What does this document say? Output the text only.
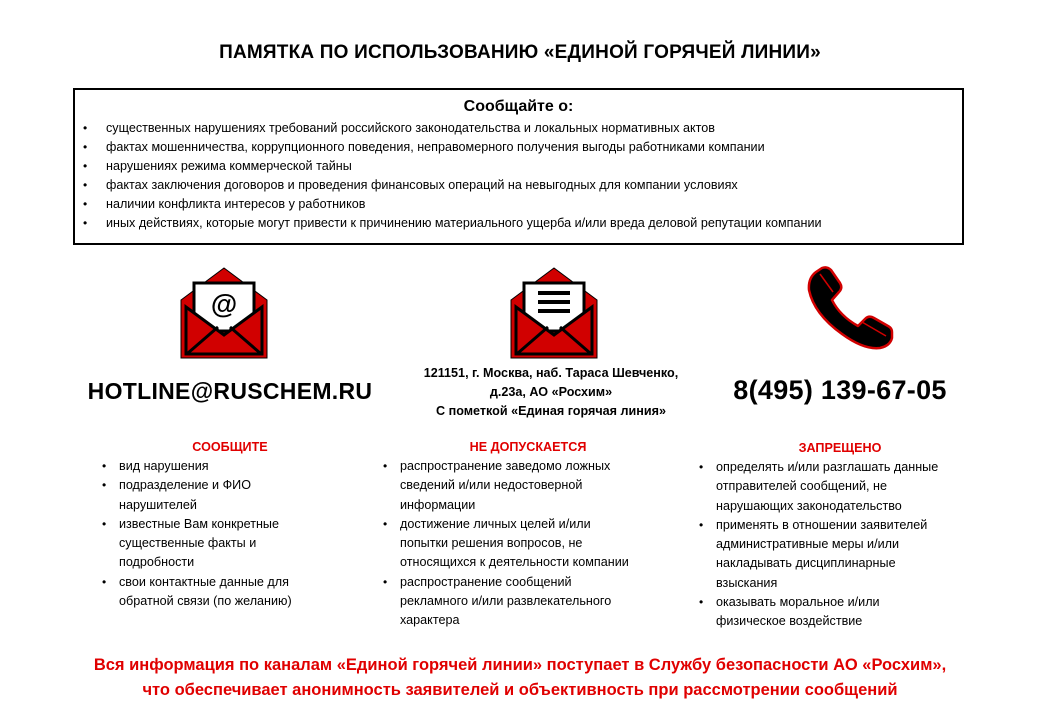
ПАМЯТКА ПО ИСПОЛЬЗОВАНИЮ «ЕДИНОЙ ГОРЯЧЕЙ ЛИНИИ»
Сообщайте о:
• существенных нарушениях требований российского законодательства и локальных нормативных актов
• фактах мошенничества, коррупционного поведения, неправомерного получения выгоды работниками компании
• нарушениях режима коммерческой тайны
• фактах заключения договоров и проведения финансовых операций на невыгодных для компании условиях
• наличии конфликта интересов у работников
• иных действиях, которые могут привести к причинению материального ущерба и/или вреда деловой репутации компании
@
HOTLINE@RUSCHEM.RU
121151, г. Москва, наб. Тараса Шевченко,
д.23а, АО «Росхим»
С пометкой «Единая горячая линия»
8(495) 139-67-05
СООБЩИТЕ
• вид нарушения
• подразделение и ФИО
нарушителей
• известные Вам конкретные
существенные факты и
подробности
• свои контактные данные для
обратной связи (по желанию)
НЕ ДОПУСКАЕТСЯ
• распространение заведомо ложных
сведений и/или недостоверной
информации
• достижение личных целей и/или
попытки решения вопросов, не
относящихся к деятельности компании
• распространение сообщений
рекламного и/или развлекательного
характера
ЗАПРЕЩЕНО
• определять и/или разглашать данные
отправителей сообщений, не
нарушающих законодательство
• применять в отношении заявителей
административные меры и/или
накладывать дисциплинарные
взыскания
• оказывать моральное и/или
физическое воздействие
Вся информация по каналам «Единой горячей линии» поступает в Службу безопасности АО «Росхим»,
что обеспечивает анонимность заявителей и объективность при рассмотрении сообщений
